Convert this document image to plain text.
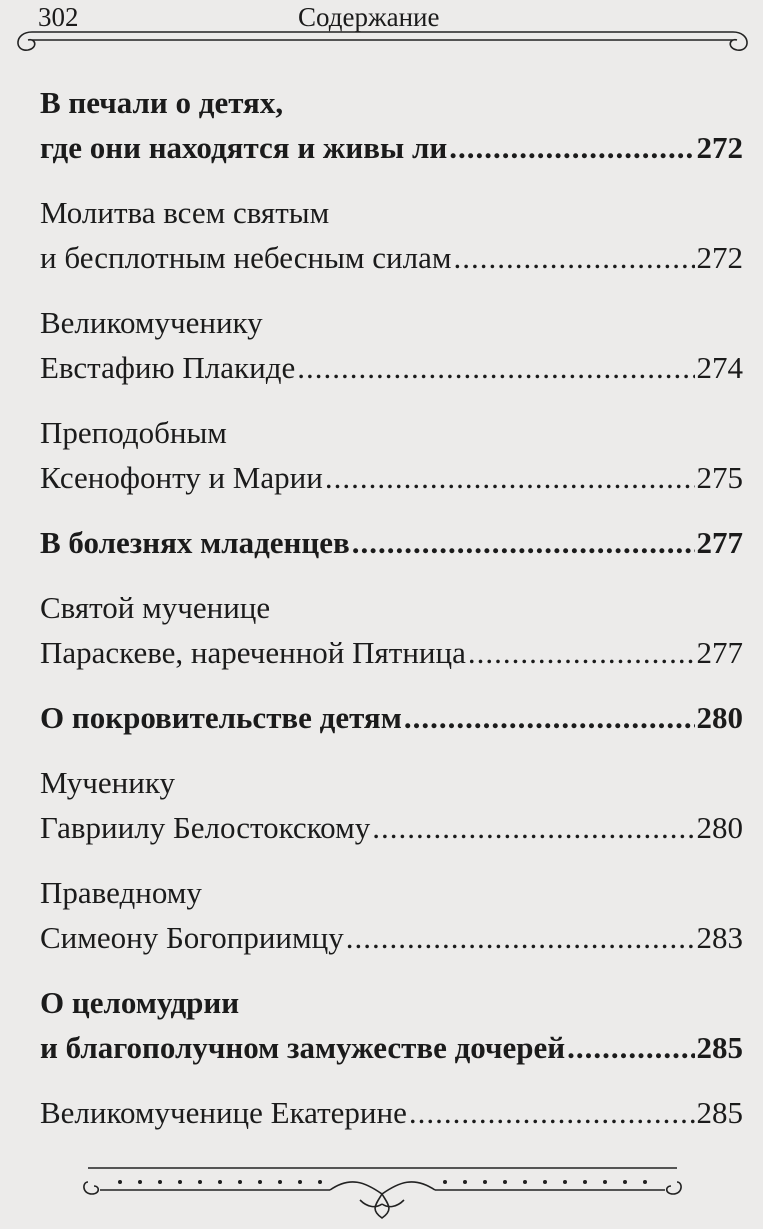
302	Содержание
В печали о детях,
где они находятся и живы ли .....	272
Молитва всем святым
и бесплотным небесным силам .....	272
Великомученику
Евстафию Плакиде .....	274
Преподобным
Ксенофонту и Марии .....	275
В болезнях младенцев .....	277
Святой мученице
Параскеве, нареченной Пятница .....	277
О покровительстве детям .....	280
Мученику
Гавриилу Белостокскому .....	280
Праведному
Симеону Богоприимцу .....	283
О целомудрии
и благополучном замужестве дочерей .....	285
Великомученице Екатерине .....	285
